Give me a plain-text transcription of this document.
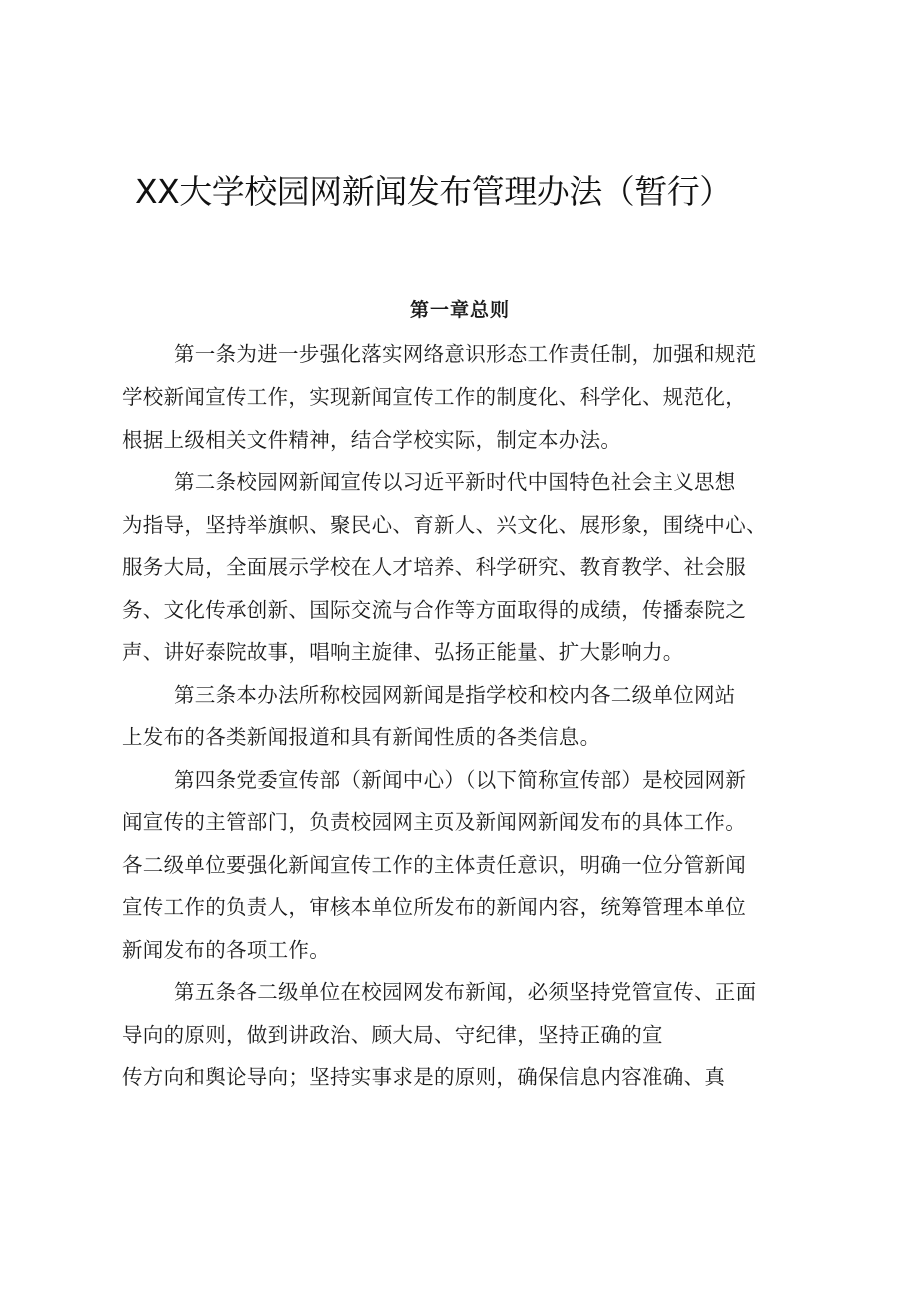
XX大学校园网新闻发布管理办法（暂行）
第一章总则

第一条为进一步强化落实网络意识形态工作责任制，加强和规范

学校新闻宣传工作，实现新闻宣传工作的制度化、科学化、规范化，

根据上级相关文件精神，结合学校实际，制定本办法。

第二条校园网新闻宣传以习近平新时代中国特色社会主义思想

为指导，坚持举旗帜、聚民心、育新人、兴文化、展形象，围绕中心、

服务大局，全面展示学校在人才培养、科学研究、教育教学、社会服

务、文化传承创新、国际交流与合作等方面取得的成绩，传播泰院之

声、讲好泰院故事，唱响主旋律、弘扬正能量、扩大影响力。

第三条本办法所称校园网新闻是指学校和校内各二级单位网站

上发布的各类新闻报道和具有新闻性质的各类信息。

第四条党委宣传部（新闻中心）（以下简称宣传部）是校园网新

闻宣传的主管部门，负责校园网主页及新闻网新闻发布的具体工作。

各二级单位要强化新闻宣传工作的主体责任意识，明确一位分管新闻

宣传工作的负责人，审核本单位所发布的新闻内容，统筹管理本单位

新闻发布的各项工作。

第五条各二级单位在校园网发布新闻，必须坚持党管宣传、正面

导向的原则，做到讲政治、顾大局、守纪律，坚持正确的宣

传方向和舆论导向；坚持实事求是的原则，确保信息内容准确、真
